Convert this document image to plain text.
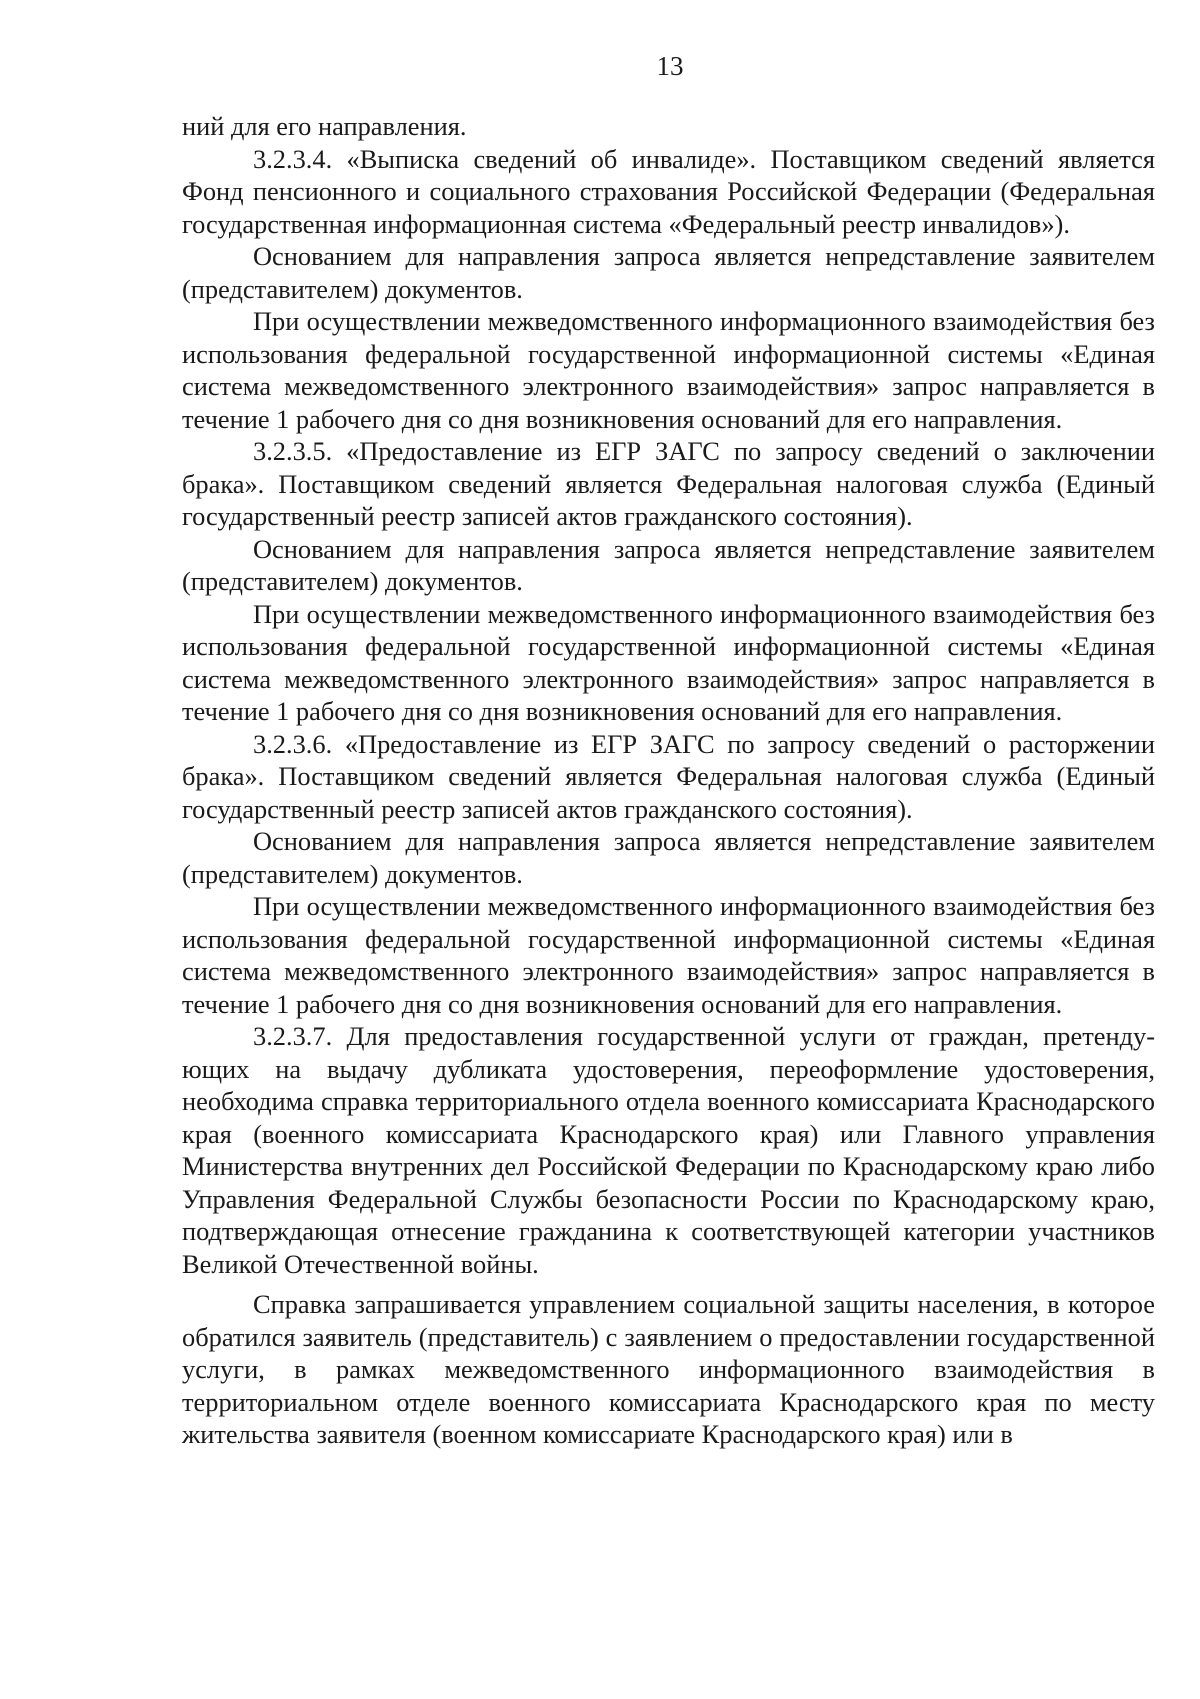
13

ний для его направления.

3.2.3.4. «Выписка сведений об инвалиде». Поставщиком сведений является Фонд пенсионного и социального страхования Российской Федерации (Федеральная государственная информационная система «Федеральный реестр инвалидов»).

Основанием для направления запроса является непредставление заявителем (представителем) документов.

При осуществлении межведомственного информационного взаимодействия без использования федеральной государственной информационной системы «Единая система межведомственного электронного взаимодействия» запрос направляется в течение 1 рабочего дня со дня возникновения оснований для его направления.

3.2.3.5. «Предоставление из ЕГР ЗАГС по запросу сведений о заключении брака». Поставщиком сведений является Федеральная налоговая служба (Единый государственный реестр записей актов гражданского состояния).

Основанием для направления запроса является непредставление заявителем (представителем) документов.

При осуществлении межведомственного информационного взаимодействия без использования федеральной государственной информационной системы «Единая система межведомственного электронного взаимодействия» запрос направляется в течение 1 рабочего дня со дня возникновения оснований для его направления.

3.2.3.6. «Предоставление из ЕГР ЗАГС по запросу сведений о расторжении брака». Поставщиком сведений является Федеральная налоговая служба (Единый государственный реестр записей актов гражданского состояния).

Основанием для направления запроса является непредставление заявителем (представителем) документов.

При осуществлении межведомственного информационного взаимодействия без использования федеральной государственной информационной системы «Единая система межведомственного электронного взаимодействия» запрос направляется в течение 1 рабочего дня со дня возникновения оснований для его направления.

3.2.3.7. Для предоставления государственной услуги от граждан, претендующих на выдачу дубликата удостоверения, переоформление удостоверения, необходима справка территориального отдела военного комиссариата Краснодарского края (военного комиссариата Краснодарского края) или Главного управления Министерства внутренних дел Российской Федерации по Краснодарскому краю либо Управления Федеральной Службы безопасности России по Краснодарскому краю, подтверждающая отнесение гражданина к соответствующей категории участников Великой Отечественной войны.

Справка запрашивается управлением социальной защиты населения, в которое обратился заявитель (представитель) с заявлением о предоставлении государственной услуги, в рамках межведомственного информационного взаимодействия в территориальном отделе военного комиссариата Краснодарского края по месту жительства заявителя (военном комиссариате Краснодарского края) или в
